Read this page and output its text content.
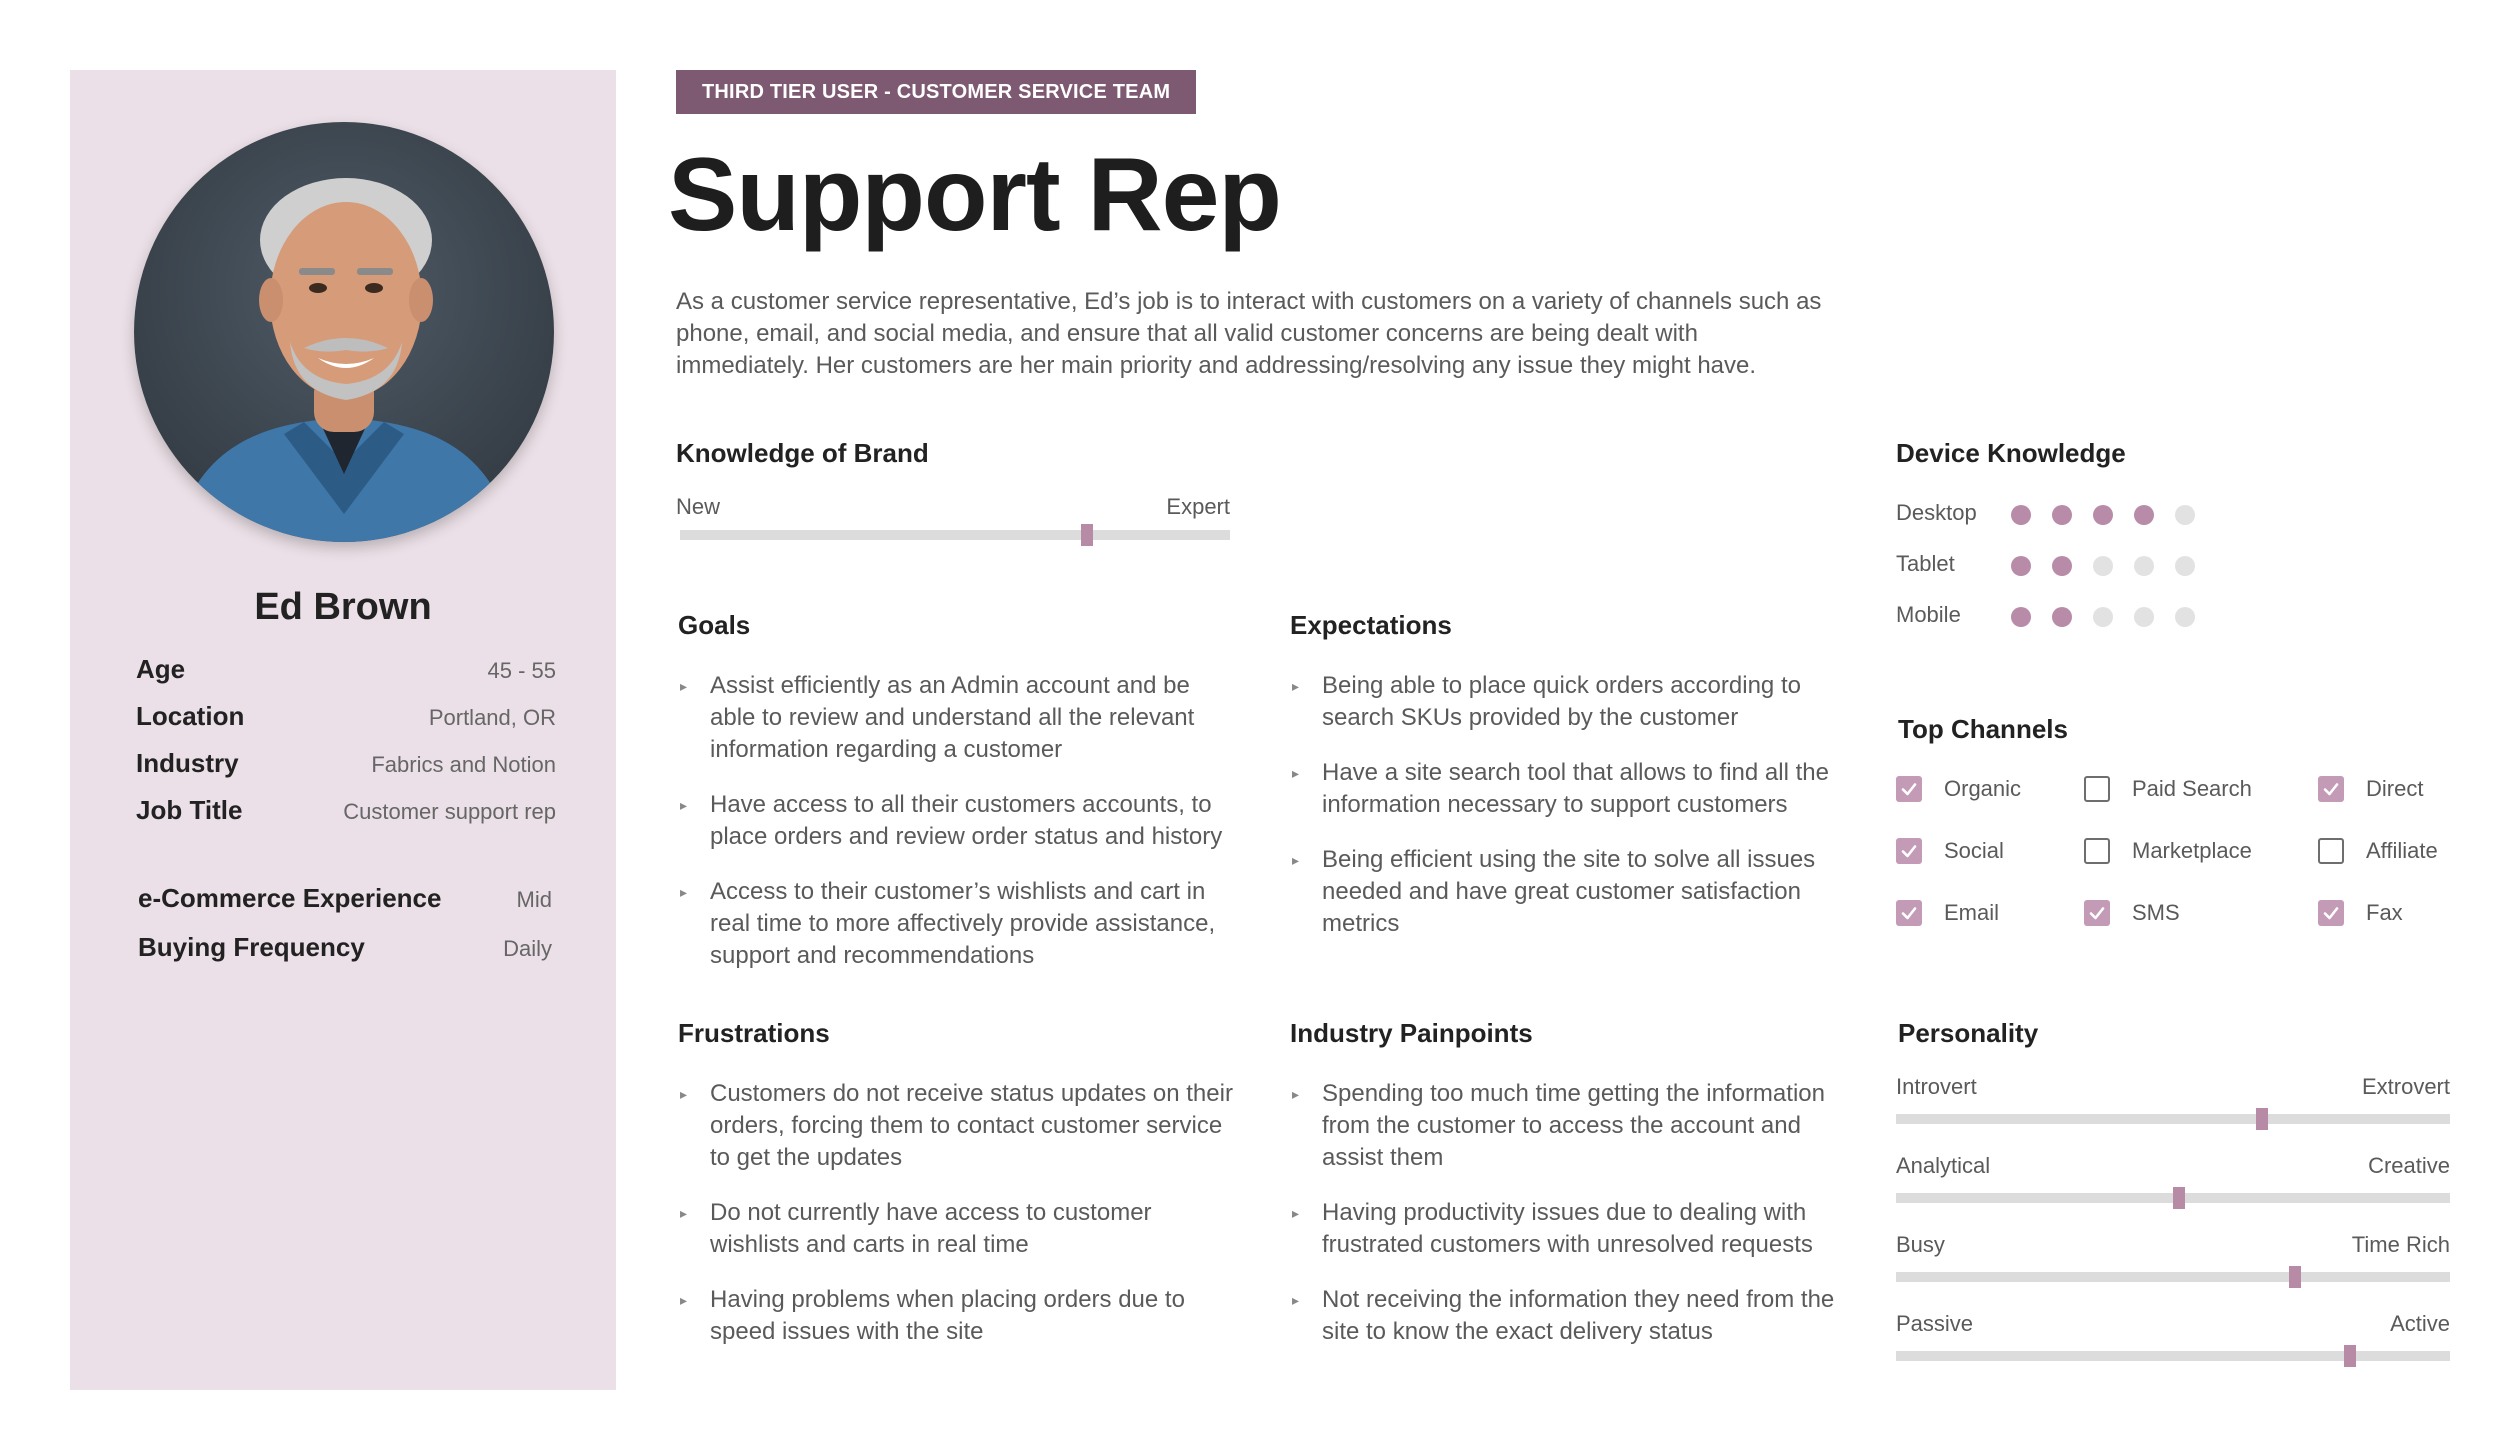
Ed Brown
Age	45 - 55
Location	Portland, OR
Industry	Fabrics and Notion
Job Title	Customer support rep
e-Commerce Experience	Mid
Buying Frequency	Daily
THIRD TIER USER - CUSTOMER SERVICE TEAM
Support Rep

As a customer service representative, Ed’s job is to interact with customers on a variety of channels such as phone, email, and social media, and ensure that all valid customer concerns are being dealt with immediately. Her customers are her main priority and addressing/resolving any issue they might have.

Knowledge of Brand
New	Expert
Goals
▸ Assist efficiently as an Admin account and be able to review and understand all the relevant information regarding a customer
▸ Have access to all their customers accounts, to place orders and review order status and history
▸ Access to their customer’s wishlists and cart in real time to more affectively provide assistance, support and recommendations
Expectations
▸ Being able to place quick orders according to search SKUs provided by the customer
▸ Have a site search tool that allows to find all the information necessary to support customers
▸ Being efficient using the site to solve all issues needed and have great customer satisfaction metrics
Frustrations
▸ Customers do not receive status updates on their orders, forcing them to contact customer service to get the updates
▸ Do not currently have access to customer wishlists and carts in real time
▸ Having problems when placing orders due to speed issues with the site
Industry Painpoints
▸ Spending too much time getting the information from the customer to access the account and assist them
▸ Having productivity issues due to dealing with frustrated customers with unresolved requests
▸ Not receiving the information they need from the site to know the exact delivery status
Device Knowledge
Desktop
Tablet
Mobile
Top Channels
Organic	Paid Search	Direct
Social	Marketplace	Affiliate
Email	SMS	Fax
Personality
Introvert	Extrovert
Analytical	Creative
Busy	Time Rich
Passive	Active
